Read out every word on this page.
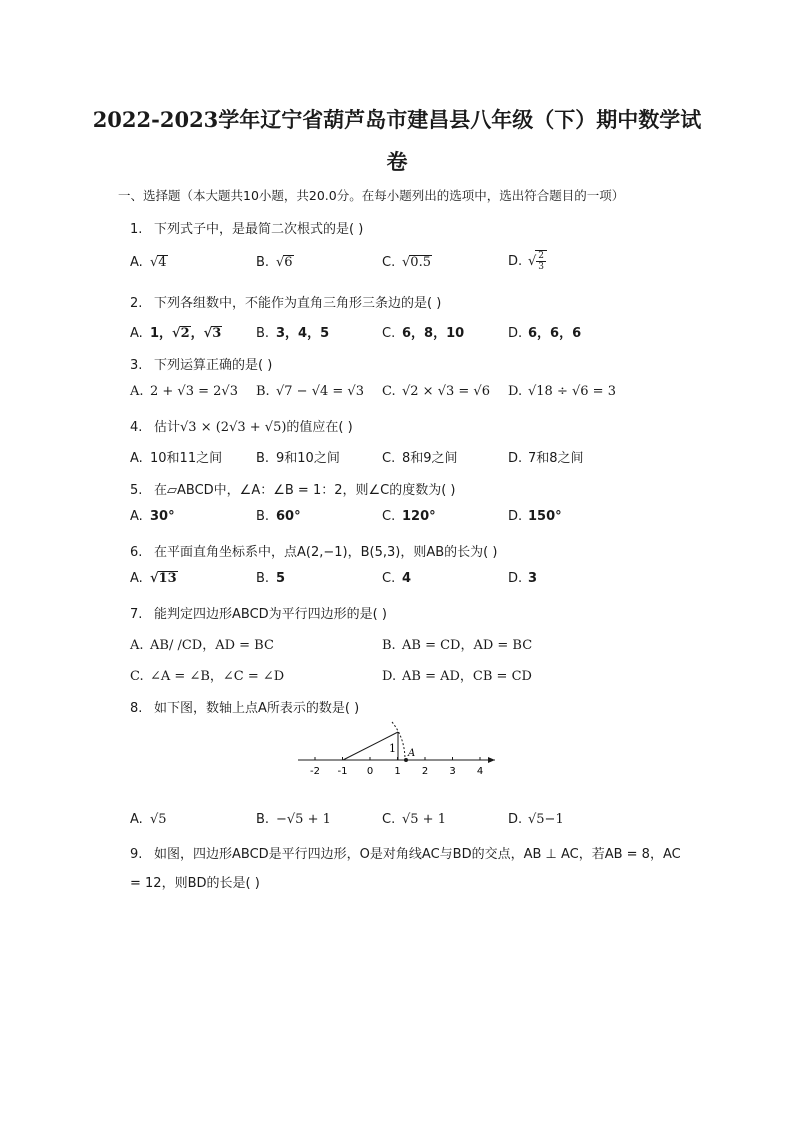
2022-2023学年辽宁省葫芦岛市建昌县八年级（下）期中数学试
卷
一、选择题（本大题共10小题，共20.0分。在每小题列出的选项中，选出符合题目的一项）
1. 下列式子中，是最简二次根式的是( )
A. √4	B. √6	C. √0.5	D. √ $\frac{2}{3}$
2. 下列各组数中，不能作为直角三角形三条边的是( )
A. 1，√2，√3	B. 3，4，5	C. 6，8，10	D. 6，6，6
3. 下列运算正确的是( )
A. 2 + √3 = 2√3 B. √7 − √4 = √3 C. √2 × √3 = √6 D. √18 ÷ √6 = 3
4. 估计√3 × (2√3 + √5)的值应在( )
A. 10和11之间	B. 9和10之间	C. 8和9之间	D. 7和8之间
5. 在▱ABCD中，∠A：∠B = 1：2，则∠C的度数为( )
A. 30°	B. 60°	C. 120°	D. 150°
6. 在平面直角坐标系中，点A(2,−1)，B(5,3)，则AB的长为( )
A. √13	B. 5	C. 4	D. 3
7. 能判定四边形ABCD为平行四边形的是( )
A. AB/ /CD，AD = BC	B. AB = CD，AD = BC
C. ∠A = ∠B，∠C = ∠D	D. AB = AD，CB = CD
8. 如下图，数轴上点A所表示的数是( )
-2 -1 0 1 2 3 4
1 A
A. √5	B. −√5 + 1	C. √5 + 1	D. √5−1
9. 如图，四边形ABCD是平行四边形，O是对角线AC与BD的交点，AB ⊥ AC，若AB = 8，AC
= 12，则BD的长是( )
